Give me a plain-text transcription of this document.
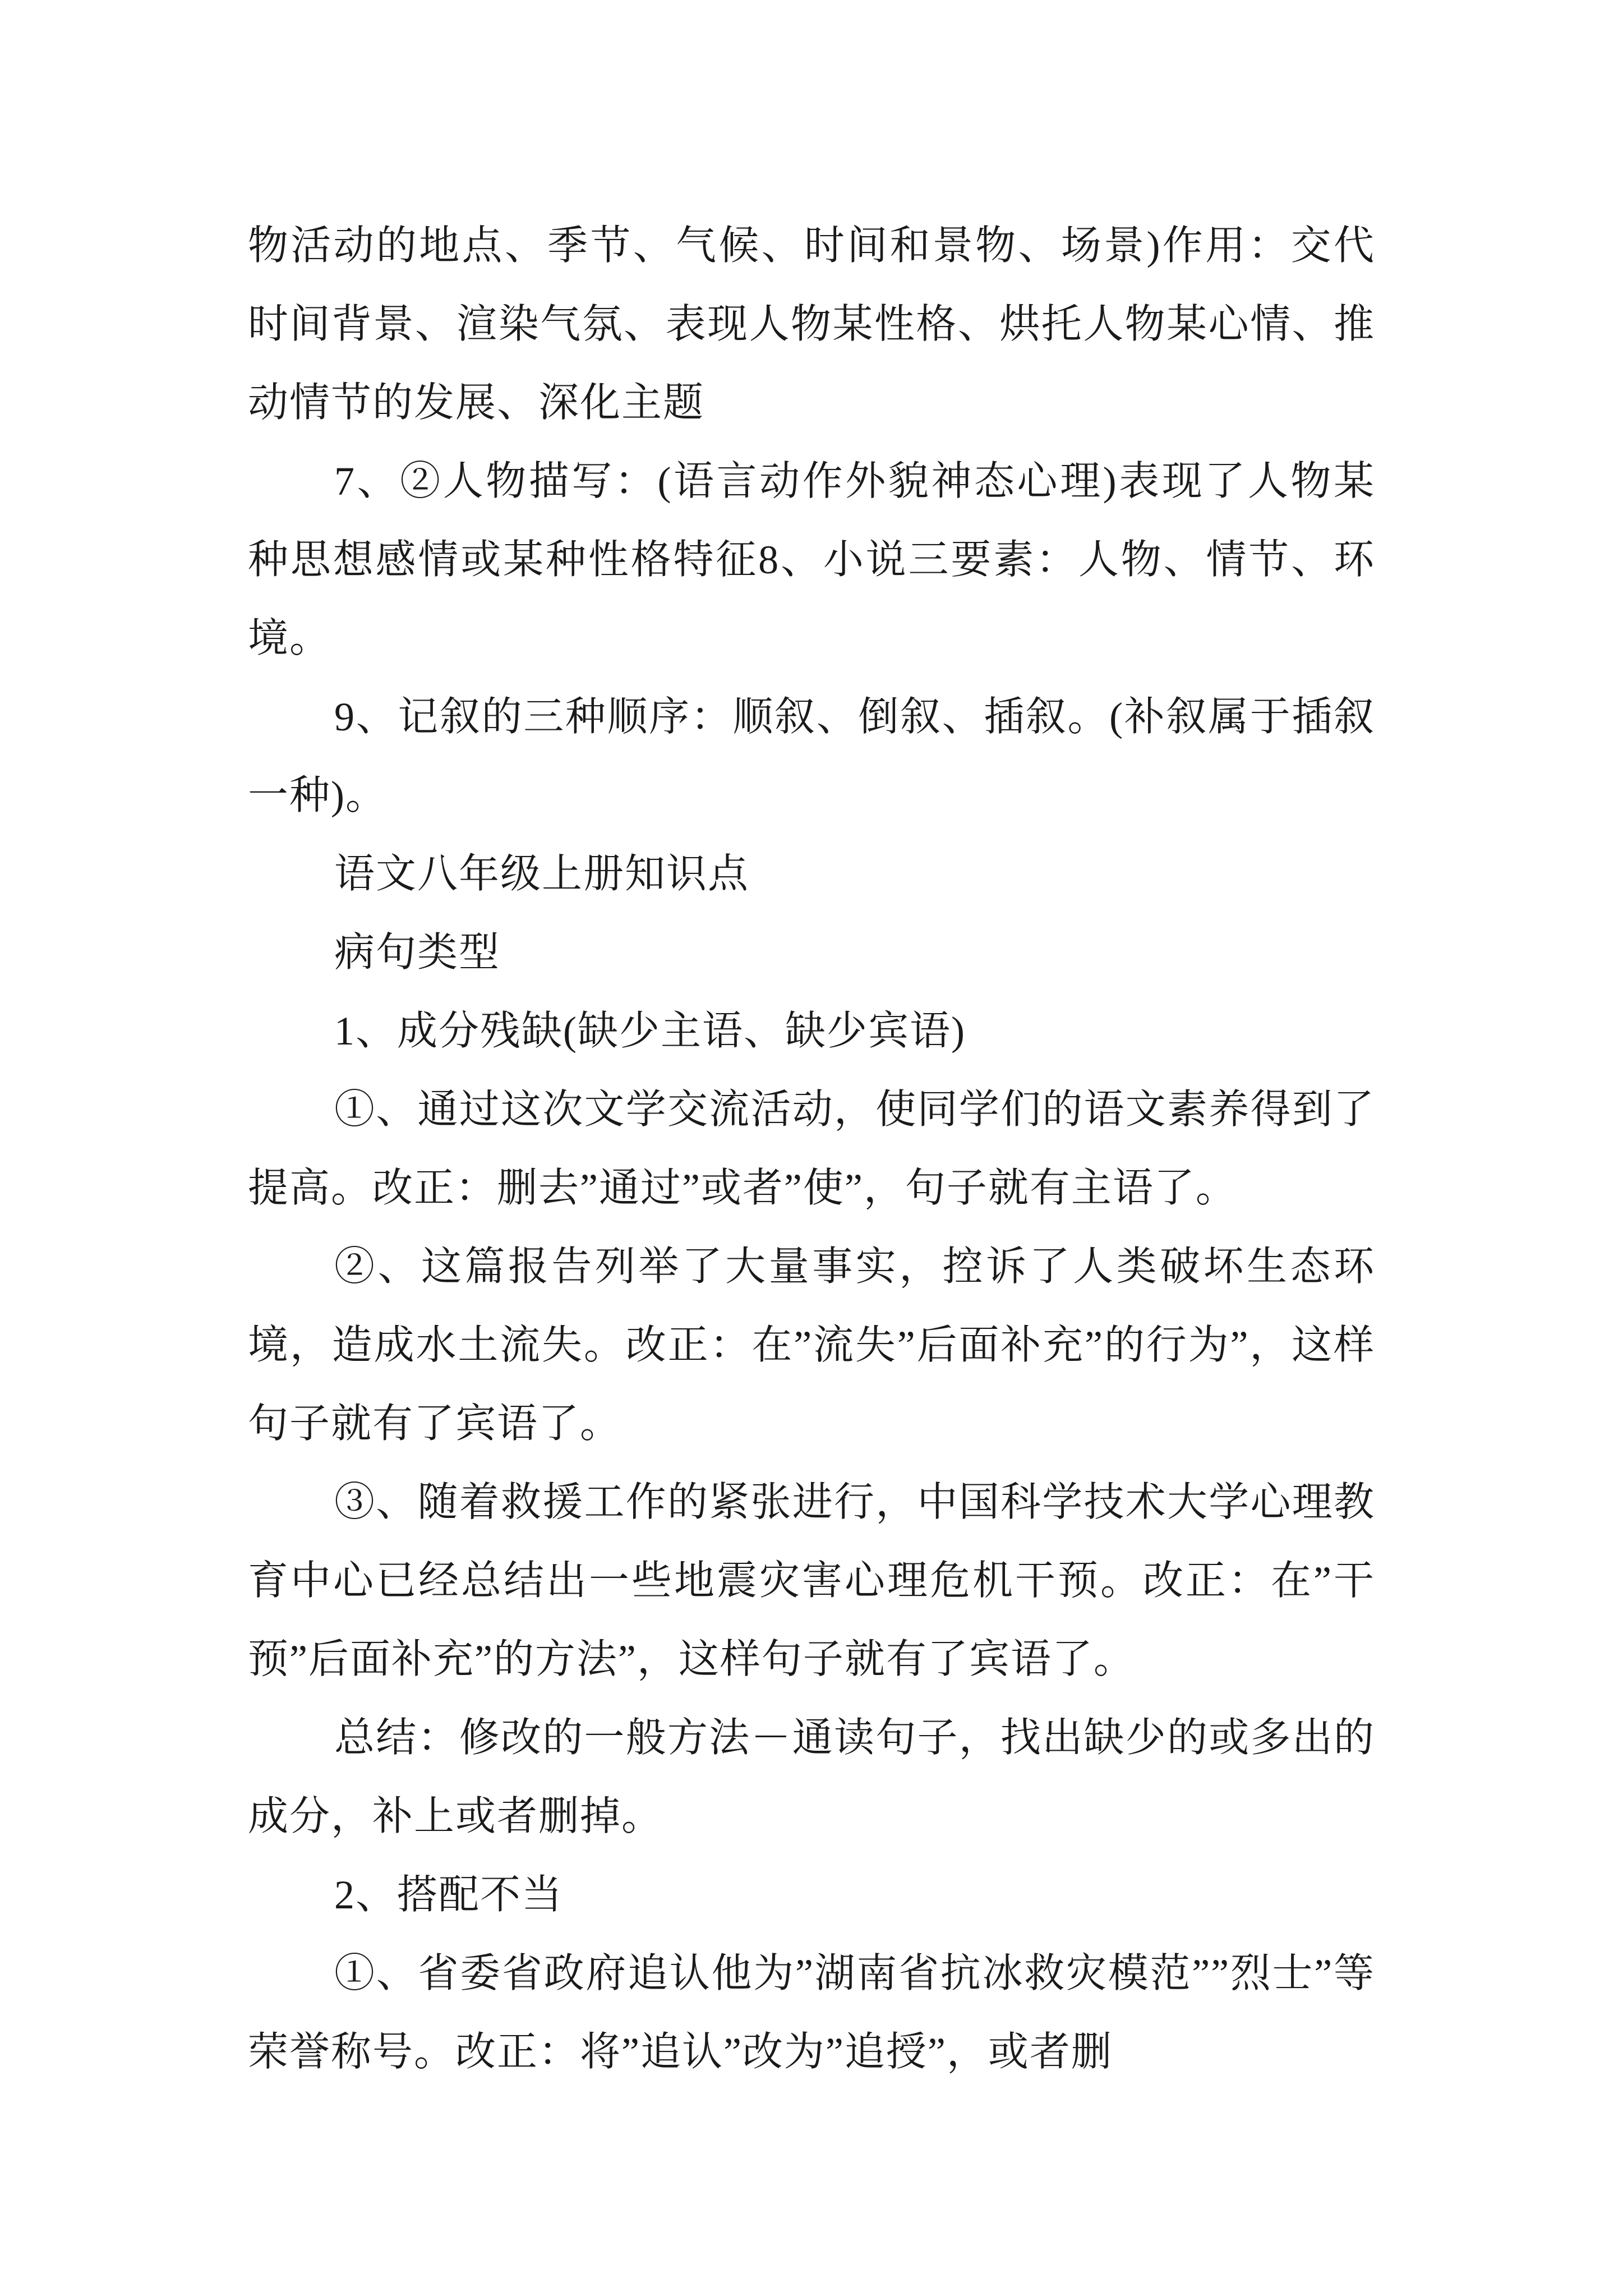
物活动的地点、季节、气候、时间和景物、场景)作用：交代时间背景、渲染气氛、表现人物某性格、烘托人物某心情、推动情节的发展、深化主题

7、②人物描写：(语言动作外貌神态心理)表现了人物某种思想感情或某种性格特征8、小说三要素：人物、情节、环境。

9、记叙的三种顺序：顺叙、倒叙、插叙。(补叙属于插叙一种)。

语文八年级上册知识点

病句类型

1、成分残缺(缺少主语、缺少宾语)

①、通过这次文学交流活动，使同学们的语文素养得到了提高。改正：删去”通过”或者”使”，句子就有主语了。

②、这篇报告列举了大量事实，控诉了人类破坏生态环境，造成水土流失。改正：在”流失”后面补充”的行为”，这样句子就有了宾语了。

③、随着救援工作的紧张进行，中国科学技术大学心理教育中心已经总结出一些地震灾害心理危机干预。改正：在”干预”后面补充”的方法”，这样句子就有了宾语了。

总结：修改的一般方法－通读句子，找出缺少的或多出的成分，补上或者删掉。

2、搭配不当

①、省委省政府追认他为”湖南省抗冰救灾模范””烈士”等荣誉称号。改正：将”追认”改为”追授”，或者删
